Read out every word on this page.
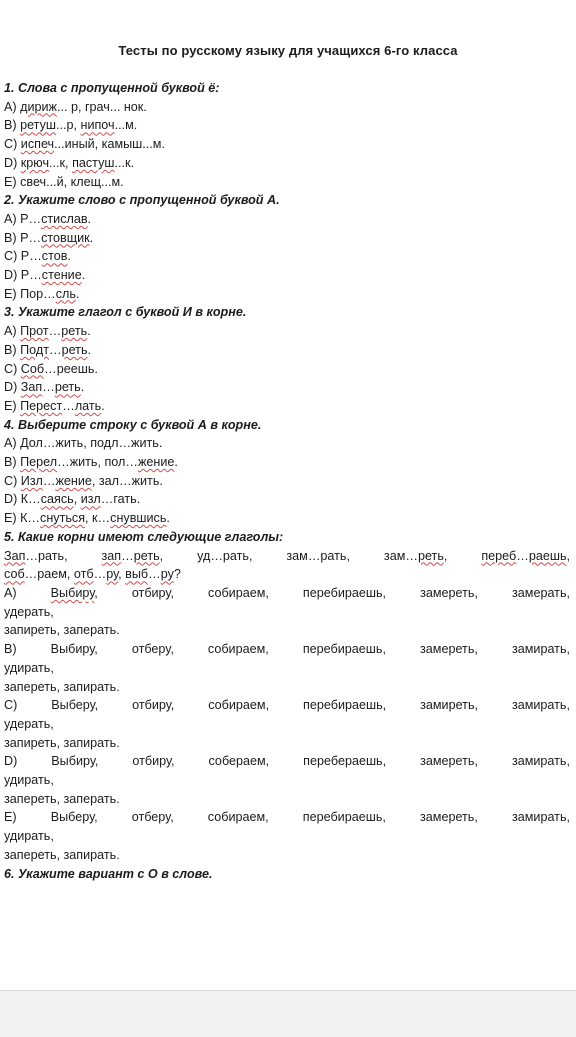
Тесты по русскому языку для учащихся 6-го класса
1. Слова с пропущенной буквой ё:
А) дириж... р, грач... нок.
В) ретуш...р, нипоч...м.
С) испеч...иный, камыш...м.
D) крюч...к, пастуш...к.
Е) свеч...й, клещ...м.
2. Укажите слово с пропущенной буквой А.
А) Р…стислав.
В) Р…стовщик.
С) Р…стов.
D) Р…стение.
Е) Пор…сль.
3. Укажите глагол с буквой И в корне.
А) Прот…реть.
В) Подт…реть.
С) Соб…реешь.
D) Зап…реть.
Е) Перест…лать.
4. Выберите строку с буквой А в корне.
А) Дол…жить, подл…жить.
В) Перел…жить, пол…жение.
С) Изл…жение, зал…жить.
D) К…саясь, изл…гать.
Е) К…снуться, к…снувшись.
5. Какие корни имеют следующие глаголы:
Зап…рать, зап…реть, уд…рать, зам…рать, зам…реть, переб…раешь,
соб…раем, отб…ру, выб…ру?
А) Выбиру, отбиру, собираем, перебираешь, замереть, замерать,
удерать,
запиреть, заперать.
В) Выбиру, отберу, собираем, перебираешь, замереть, замирать,
удирать,
запереть, запирать.
С) Выберу, отбиру, собираем, перебираешь, замиреть, замирать,
удерать,
запиреть, запирать.
D) Выбиру, отбиру, собераем, переберaешь, замереть, замирать,
удирать,
запереть, заперать.
Е) Выберу, отберу, собираем, перебираешь, замереть, замирать,
удирать,
запереть, запирать.
6. Укажите вариант с О в слове.
